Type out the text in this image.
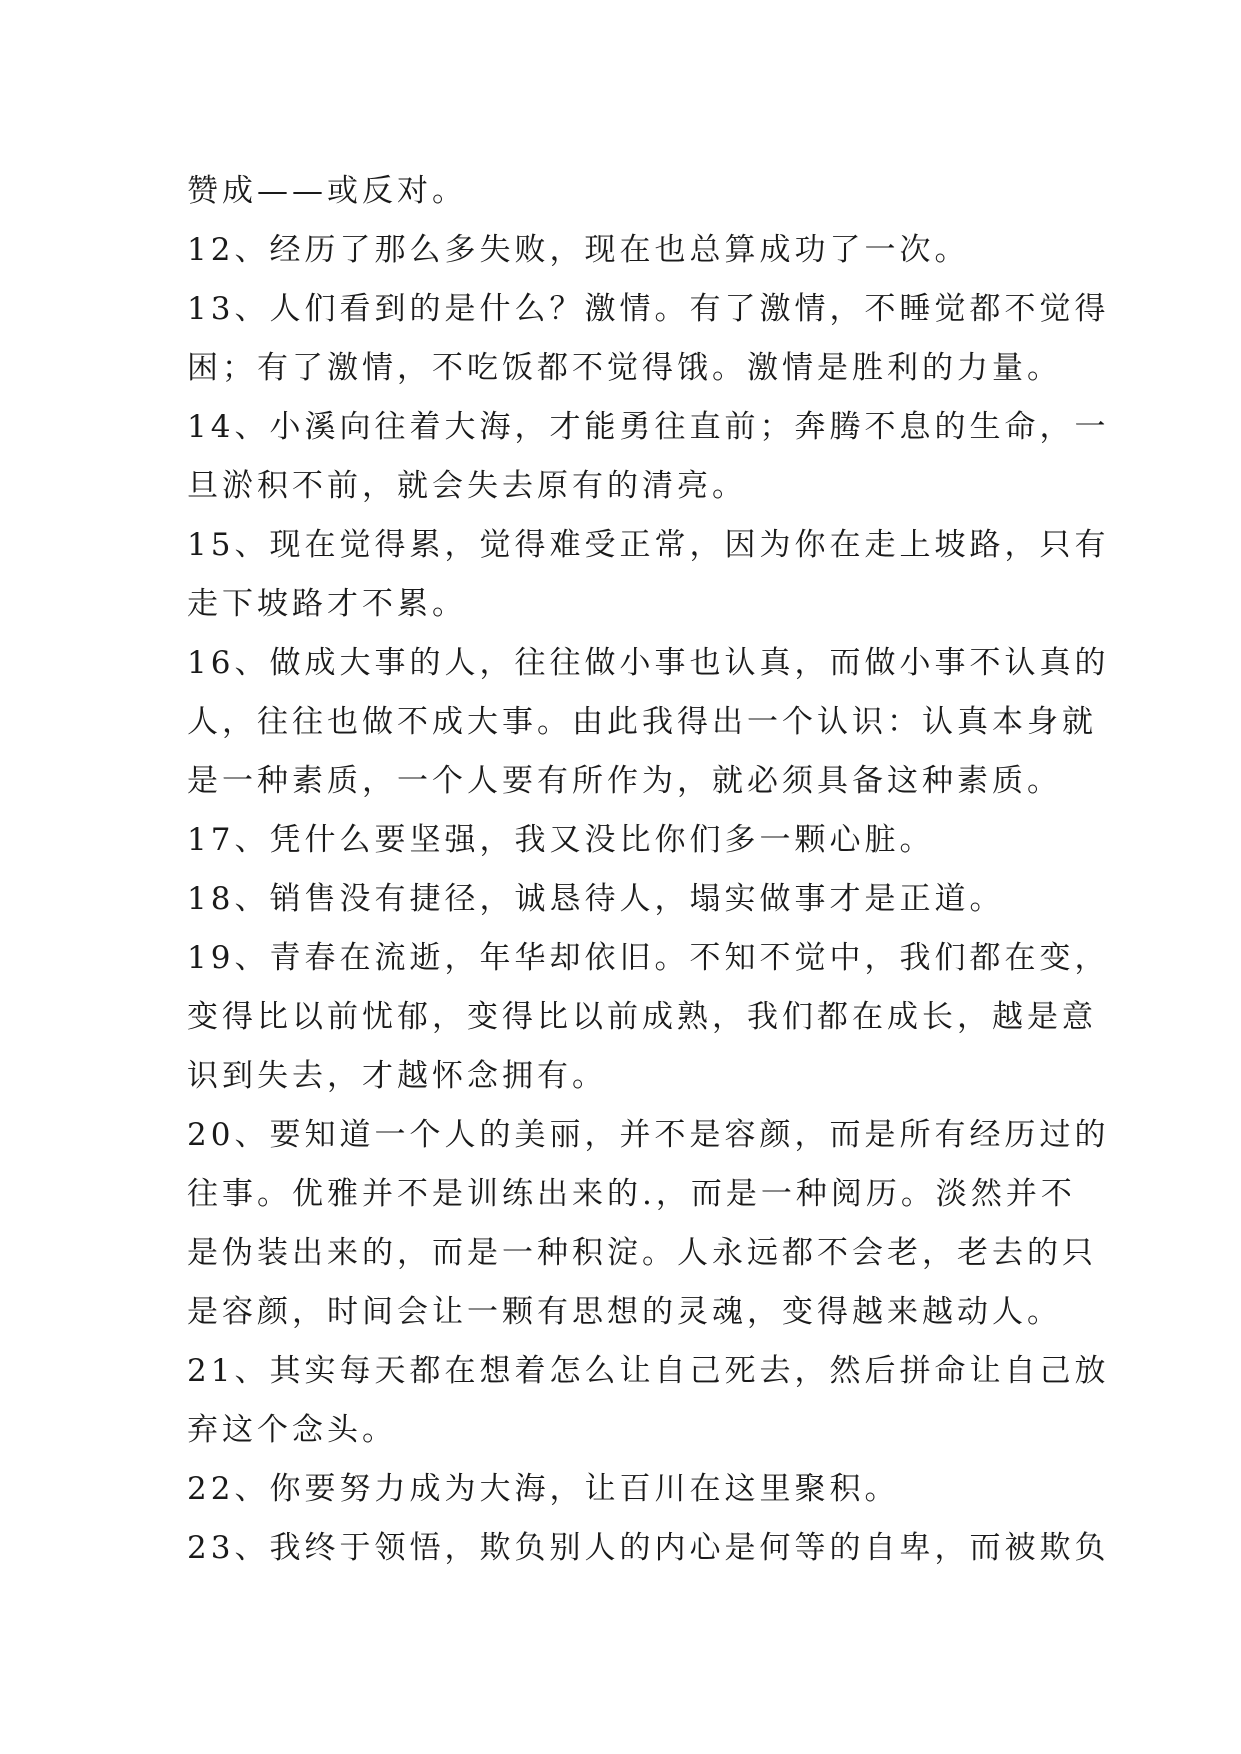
赞成——或反对。
12、经历了那么多失败，现在也总算成功了一次。
13、人们看到的是什么？激情。有了激情，不睡觉都不觉得
困；有了激情，不吃饭都不觉得饿。激情是胜利的力量。
14、小溪向往着大海，才能勇往直前；奔腾不息的生命，一
旦淤积不前，就会失去原有的清亮。
15、现在觉得累，觉得难受正常，因为你在走上坡路，只有
走下坡路才不累。
16、做成大事的人，往往做小事也认真，而做小事不认真的
人，往往也做不成大事。由此我得出一个认识：认真本身就
是一种素质，一个人要有所作为，就必须具备这种素质。
17、凭什么要坚强，我又没比你们多一颗心脏。
18、销售没有捷径，诚恳待人，塌实做事才是正道。
19、青春在流逝，年华却依旧。不知不觉中，我们都在变，
变得比以前忧郁，变得比以前成熟，我们都在成长，越是意
识到失去，才越怀念拥有。
20、要知道一个人的美丽，并不是容颜，而是所有经历过的
往事。优雅并不是训练出来的.，而是一种阅历。淡然并不
是伪装出来的，而是一种积淀。人永远都不会老，老去的只
是容颜，时间会让一颗有思想的灵魂，变得越来越动人。
21、其实每天都在想着怎么让自己死去，然后拼命让自己放
弃这个念头。
22、你要努力成为大海，让百川在这里聚积。
23、我终于领悟，欺负别人的内心是何等的自卑，而被欺负
